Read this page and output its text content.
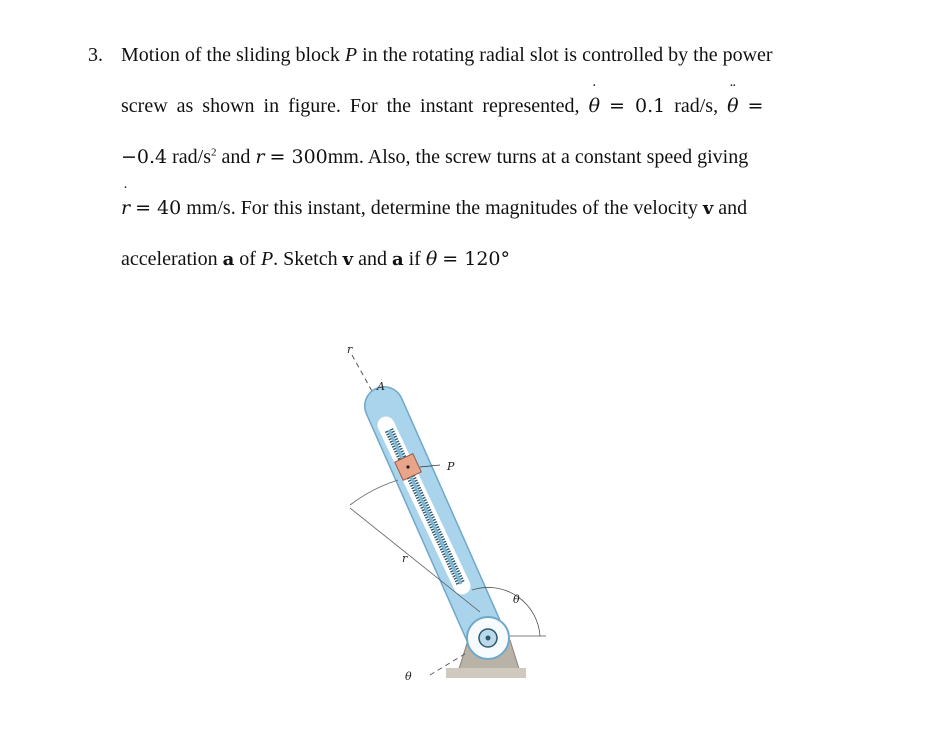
3. Motion of the sliding block P in the rotating radial slot is controlled by the power
screw as shown in figure. For the instant represented,
˙
θ = 0.1 rad/s,
¨
θ =
−0.4 rad/$s^2$ and r = 300mm. Also, the screw turns at a constant speed giving
˙
r = 40 mm/s. For this instant, determine the magnitudes of the velocity v and
acceleration a of P. Sketch v and a if θ = 120°
r
A
P
r
θ
θ
